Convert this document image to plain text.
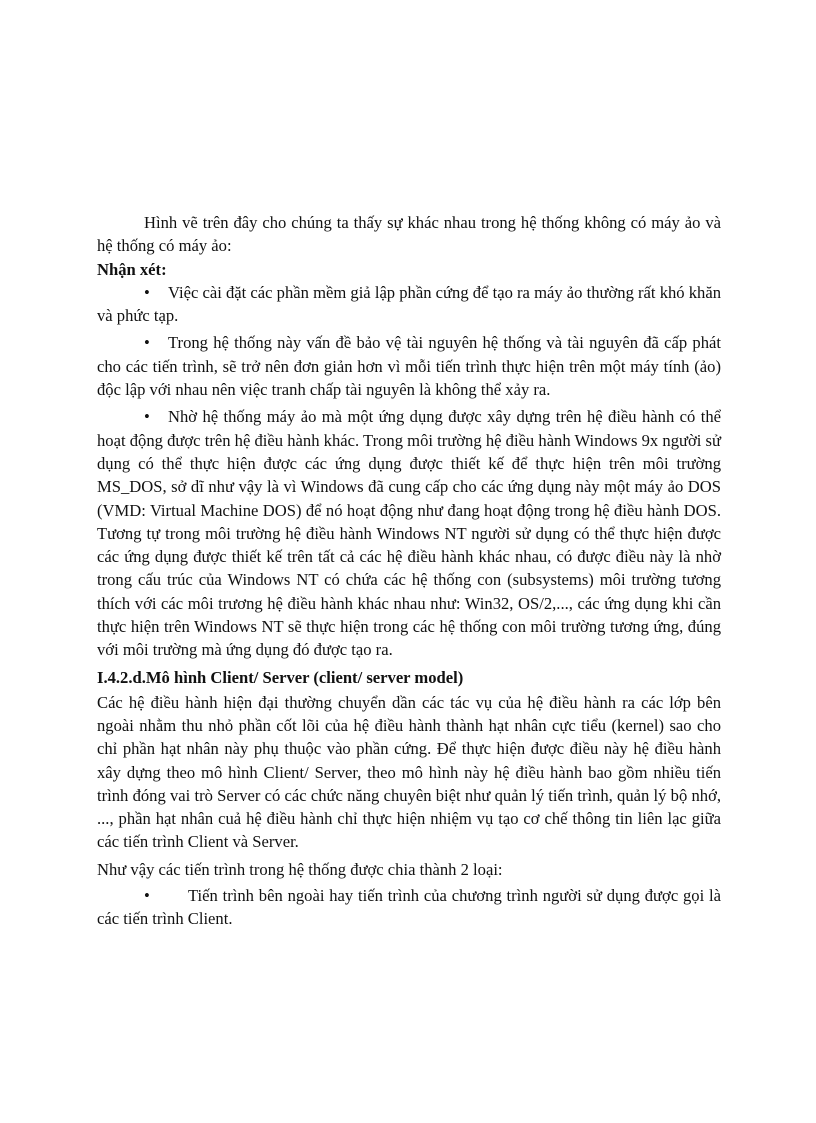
Hình vẽ trên đây cho chúng ta thấy sự khác nhau trong hệ thống không có máy ảo và hệ thống có máy ảo:

Nhận xét:

• Việc cài đặt các phần mềm giả lập phần cứng để tạo ra máy ảo thường rất khó khăn và phức tạp.

• Trong hệ thống này vấn đề bảo vệ tài nguyên hệ thống và tài nguyên đã cấp phát cho các tiến trình, sẽ trở nên đơn giản hơn vì mỗi tiến trình thực hiện trên một máy tính (ảo) độc lập với nhau nên việc tranh chấp tài nguyên là không thể xảy ra.

• Nhờ hệ thống máy ảo mà một ứng dụng được xây dựng trên hệ điều hành có thể hoạt động được trên hệ điều hành khác. Trong môi trường hệ điều hành Windows 9x người sử dụng có thể thực hiện được các ứng dụng được thiết kế để thực hiện trên môi trường MS_DOS, sở dĩ như vậy là vì Windows đã cung cấp cho các ứng dụng này một máy ảo DOS (VMD: Virtual Machine DOS) để nó hoạt động như đang hoạt động trong hệ điều hành DOS. Tương tự trong môi trường hệ điều hành Windows NT người sử dụng có thể thực hiện được các ứng dụng được thiết kế trên tất cả các hệ điều hành khác nhau, có được điều này là nhờ trong cấu trúc của Windows NT có chứa các hệ thống con (subsystems) môi trường tương thích với các môi trương hệ điều hành khác nhau như: Win32, OS/2,..., các ứng dụng khi cần thực hiện trên Windows NT sẽ thực hiện trong các hệ thống con môi trường tương ứng, đúng với môi trường mà ứng dụng đó được tạo ra.

I.4.2.d.Mô hình Client/ Server (client/ server model)

Các hệ điều hành hiện đại thường chuyển dần các tác vụ của hệ điều hành ra các lớp bên ngoài nhằm thu nhỏ phần cốt lõi của hệ điều hành thành hạt nhân cực tiểu (kernel) sao cho chỉ phần hạt nhân này phụ thuộc vào phần cứng. Để thực hiện được điều này hệ điều hành xây dựng theo mô hình Client/ Server, theo mô hình này hệ điều hành bao gồm nhiều tiến trình đóng vai trò Server có các chức năng chuyên biệt như quản lý tiến trình, quản lý bộ nhớ, ..., phần hạt nhân cuả hệ điều hành chỉ thực hiện nhiệm vụ tạo cơ chế thông tin liên lạc giữa các tiến trình Client và Server.

Như vậy các tiến trình trong hệ thống được chia thành 2 loại:

• Tiến trình bên ngoài hay tiến trình của chương trình người sử dụng được gọi là các tiến trình Client.
